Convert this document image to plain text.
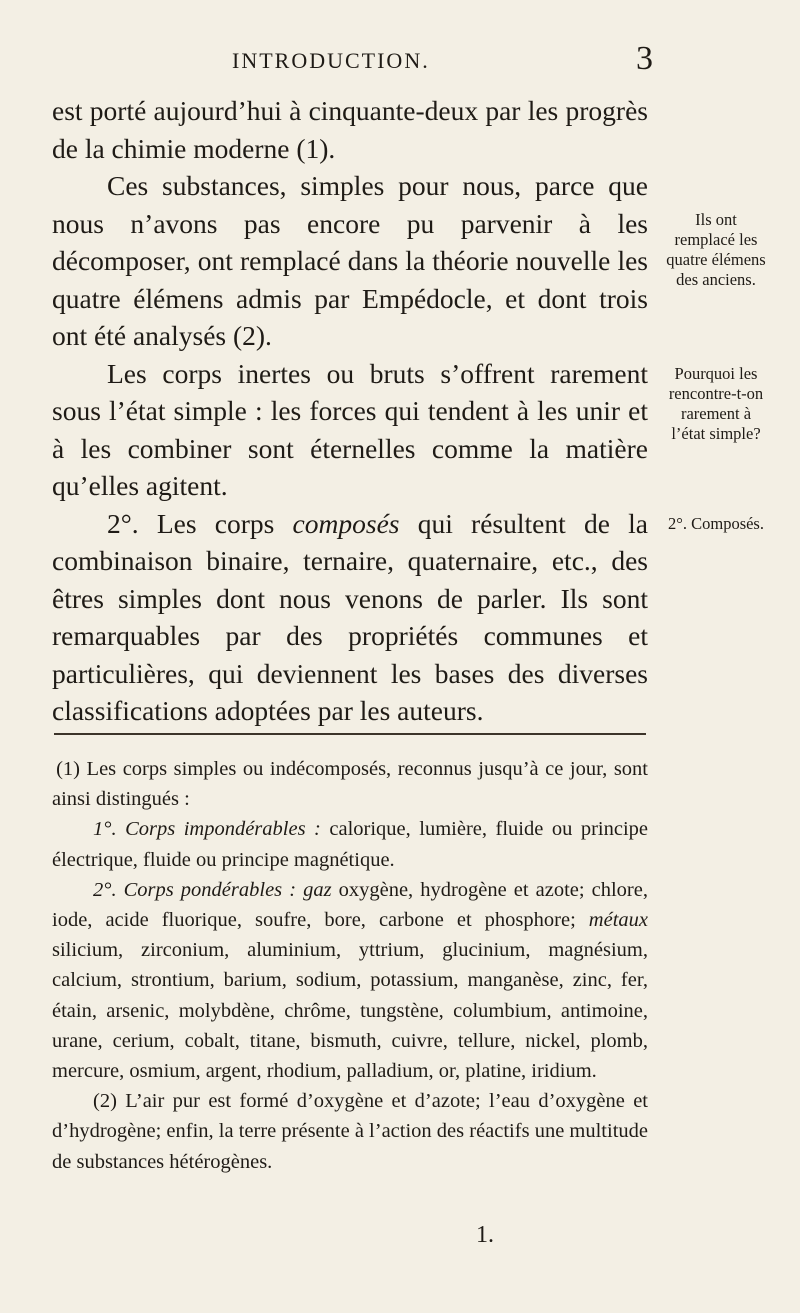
INTRODUCTION.	3

est porté aujourd’hui à cinquante-deux par les progrès de la chimie moderne (1).

Ces substances, simples pour nous, parce que nous n’avons pas encore pu parvenir à les décomposer, ont remplacé dans la théorie nouvelle les quatre élémens admis par Empédocle, et dont trois ont été analysés (2).

Les corps inertes ou bruts s’offrent rarement sous l’état simple : les forces qui tendent à les unir et à les combiner sont éternelles comme la matière qu’elles agitent.

2°. Les corps composés qui résultent de la combinaison binaire, ternaire, quaternaire, etc., des êtres simples dont nous venons de parler. Ils sont remarquables par des propriétés communes et particulières, qui deviennent les bases des diverses classifications adoptées par les auteurs.

Ils ont remplacé les quatre élémens des anciens.
Pourquoi les rencontre-t-on rarement à l’état simple?
2°. Composés.

(1) Les corps simples ou indécomposés, reconnus jusqu’à ce jour, sont ainsi distingués :

1°. Corps impondérables : calorique, lumière, fluide ou principe électrique, fluide ou principe magnétique.

2°. Corps pondérables : gaz oxygène, hydrogène et azote; chlore, iode, acide fluorique, soufre, bore, carbone et phosphore; métaux silicium, zirconium, aluminium, yttrium, glucinium, magnésium, calcium, strontium, barium, sodium, potassium, manganèse, zinc, fer, étain, arsenic, molybdène, chrôme, tungstène, columbium, antimoine, urane, cerium, cobalt, titane, bismuth, cuivre, tellure, nickel, plomb, mercure, osmium, argent, rhodium, palladium, or, platine, iridium.

(2) L’air pur est formé d’oxygène et d’azote; l’eau d’oxygène et d’hydrogène; enfin, la terre présente à l’action des réactifs une multitude de substances hétérogènes.

1.
